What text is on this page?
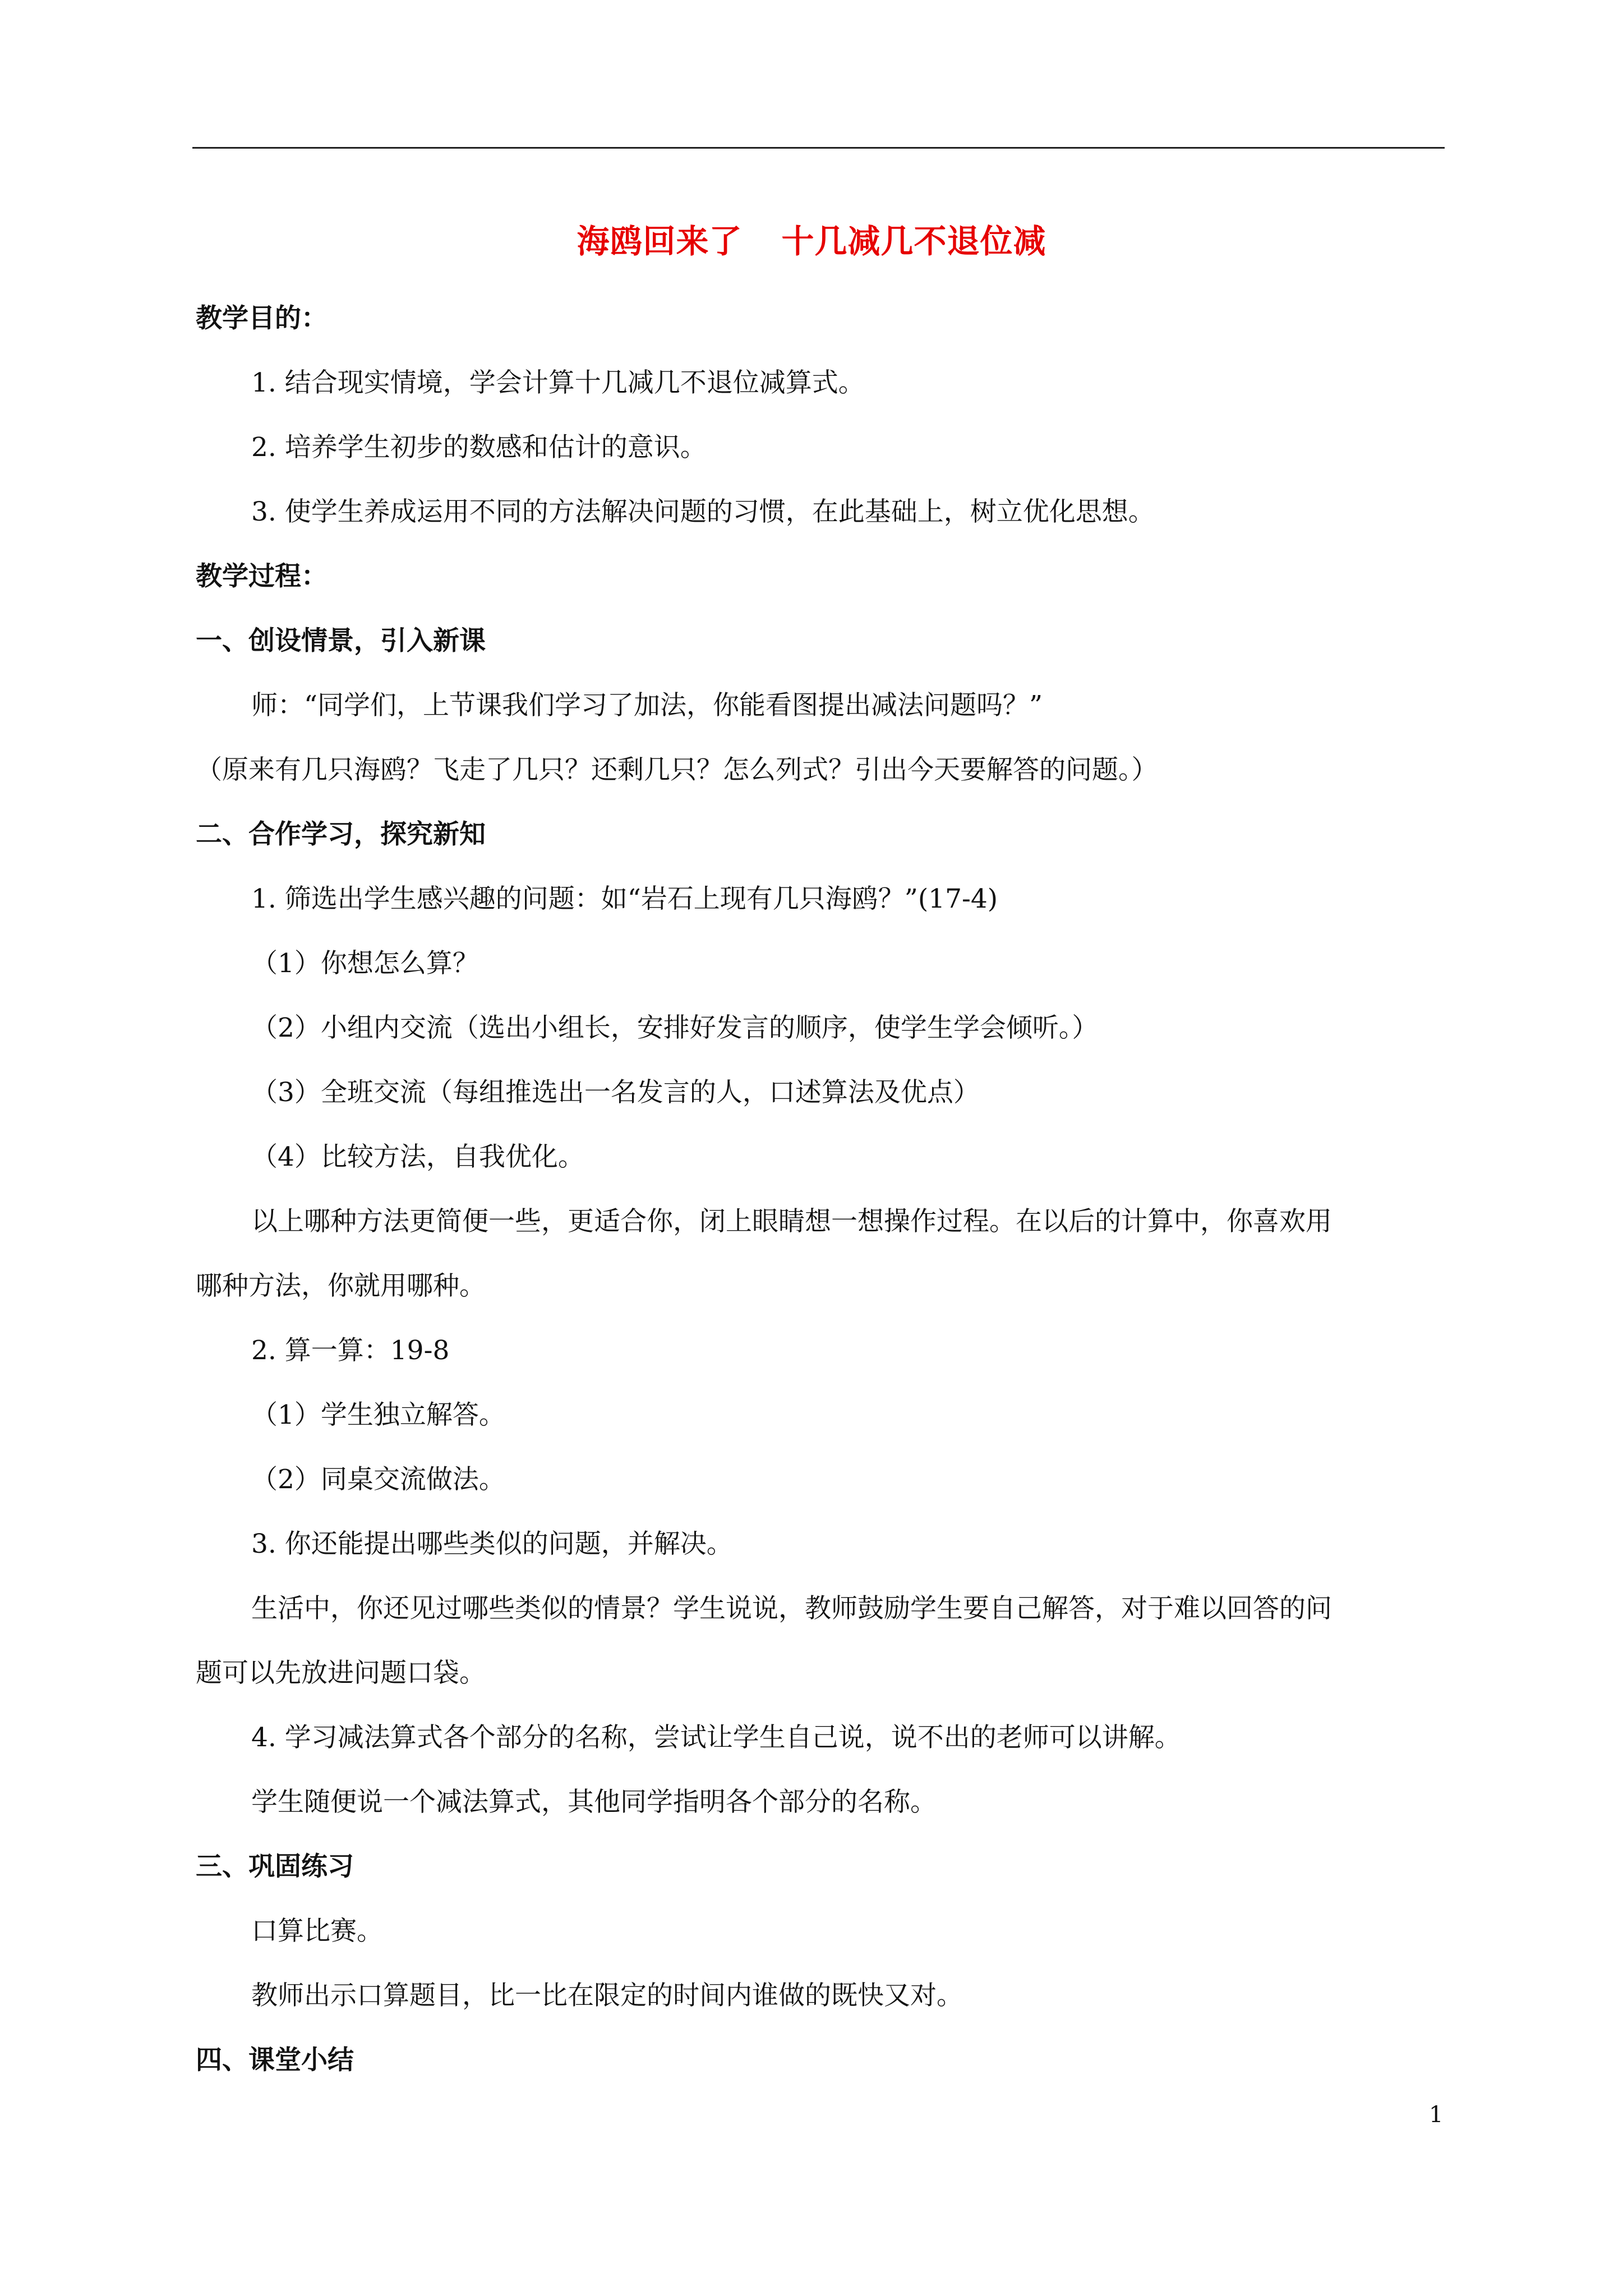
海鸥回来了 十几减几不退位减
教学目的：
1. 结合现实情境，学会计算十几减几不退位减算式。
2. 培养学生初步的数感和估计的意识。
3. 使学生养成运用不同的方法解决问题的习惯，在此基础上，树立优化思想。
教学过程：
一、创设情景，引入新课
师：“同学们，上节课我们学习了加法，你能看图提出减法问题吗？”
（原来有几只海鸥？飞走了几只？还剩几只？怎么列式？引出今天要解答的问题。）
二、合作学习，探究新知
1. 筛选出学生感兴趣的问题：如“岩石上现有几只海鸥？”(17-4)
（1）你想怎么算？
（2）小组内交流（选出小组长，安排好发言的顺序，使学生学会倾听。）
（3）全班交流（每组推选出一名发言的人，口述算法及优点）
（4）比较方法，自我优化。
以上哪种方法更简便一些，更适合你，闭上眼睛想一想操作过程。在以后的计算中，你喜欢用
哪种方法，你就用哪种。
2. 算一算：19-8
（1）学生独立解答。
（2）同桌交流做法。
3. 你还能提出哪些类似的问题，并解决。
生活中，你还见过哪些类似的情景？学生说说，教师鼓励学生要自己解答，对于难以回答的问
题可以先放进问题口袋。
4. 学习减法算式各个部分的名称，尝试让学生自己说，说不出的老师可以讲解。
学生随便说一个减法算式，其他同学指明各个部分的名称。
三、巩固练习
口算比赛。
教师出示口算题目，比一比在限定的时间内谁做的既快又对。
四、课堂小结
1
